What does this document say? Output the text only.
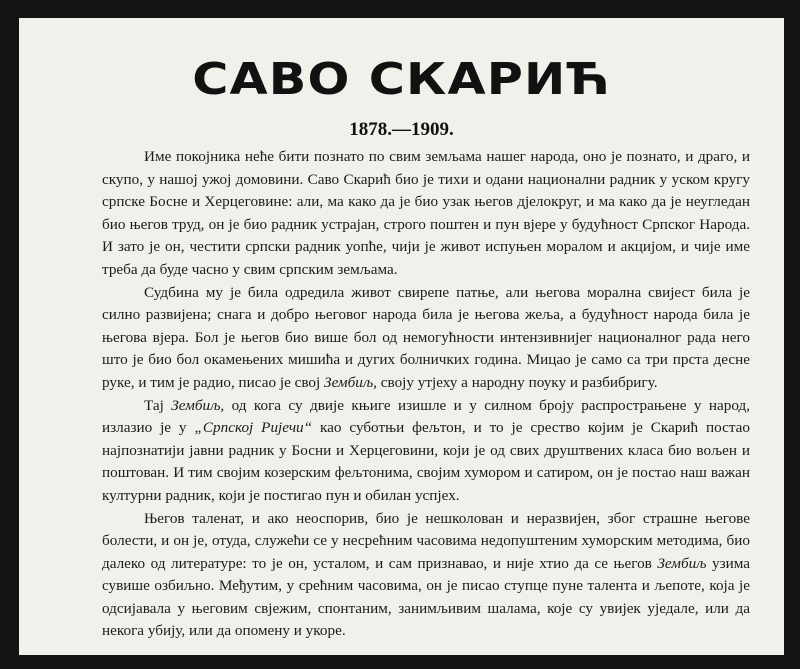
САВО СКАРИЋ
1878.—1909.

Име покојника неће бити познато по свим земљама нашег народа, оно је познато, и драго, и скупо, у нашој ужој домовини. Саво Скарић био је тихи и одани национални радник у уском кругу српске Босне и Херцеговине: али, ма како да је био узак његов дјелокруг, и ма како да је неугледан био његов труд, он је био радник устрајан, строго поштен и пун вјере у будућност Српског Народа. И зато је он, честити српски радник уопће, чији је живот испуњен моралом и акцијом, и чије име треба да буде часно у свим српским земљама.

Судбина му је била одредила живот свирепе патње, али његова морална свијест била је силно развијена; снага и добро његовог народа била је његова жеља, а будућност народа била је његова вјера. Бол је његов био више бол од немогућности интензивнијег националног рада него што је био бол окамењених мишића и дугих болничких година. Мицао је само са три прста десне руке, и тим је радио, писао је свој Зембиљ, своју утјеху а народну поуку и разбибригу.

Тај Зембиљ, од кога су двије књиге изишле и у силном броју распрострањене у народ, излазио је у „Српској Ријечи“ као суботњи фељтон, и то је срество којим је Скарић постао најпознатији јавни радник у Босни и Херцеговини, који је од свих друштвених класа био вољен и поштован. И тим својим козерским фељтонима, својим хумором и сатиром, он је постао наш важан културни радник, који је постигао пун и обилан успјех.

Његов таленат, и ако неоспорив, био је нешколован и неразвијен, због страшне његове болести, и он је, отуда, служећи се у несрећним часовима недопуштеним хуморским методима, био далеко од литературе: то је он, усталом, и сам признавао, и није хтио да се његов Зембиљ узима сувише озбиљно. Међутим, у срећним часовима, он је писао ступце пуне талента и љепоте, која је одсијавала у његовим свјежим, спонтаним, занимљивим шалама, које су увијек уједале, или да некога убију, или да опомену и укоре.
